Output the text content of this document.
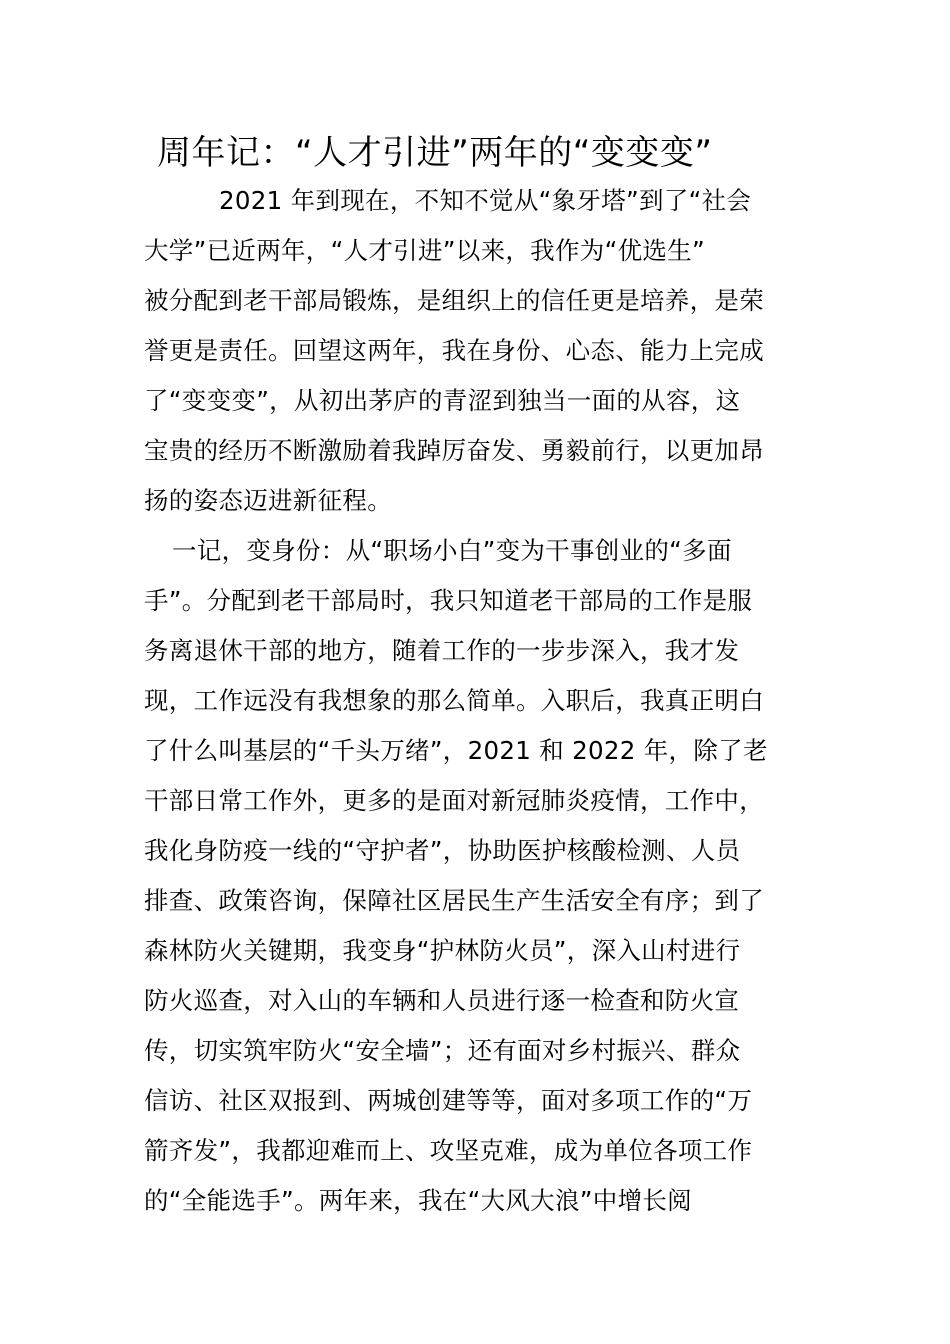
周年记：“人才引进”两年的“变变变”
2021 年到现在，不知不觉从“象牙塔”到了“社会
大学”已近两年，“人才引进”以来，我作为“优选生”
被分配到老干部局锻炼，是组织上的信任更是培养，是荣
誉更是责任。回望这两年，我在身份、心态、能力上完成
了“变变变”，从初出茅庐的青涩到独当一面的从容，这
宝贵的经历不断激励着我踔厉奋发、勇毅前行，以更加昂
扬的姿态迈进新征程。
一记，变身份：从“职场小白”变为干事创业的“多面
手”。分配到老干部局时，我只知道老干部局的工作是服
务离退休干部的地方，随着工作的一步步深入，我才发
现，工作远没有我想象的那么简单。入职后，我真正明白
了什么叫基层的“千头万绪”，2021 和 2022 年，除了老
干部日常工作外，更多的是面对新冠肺炎疫情，工作中，
我化身防疫一线的“守护者”，协助医护核酸检测、人员
排查、政策咨询，保障社区居民生产生活安全有序；到了
森林防火关键期，我变身“护林防火员”，深入山村进行
防火巡查，对入山的车辆和人员进行逐一检查和防火宣
传，切实筑牢防火“安全墙”；还有面对乡村振兴、群众
信访、社区双报到、两城创建等等，面对多项工作的“万
箭齐发”，我都迎难而上、攻坚克难，成为单位各项工作
的“全能选手”。两年来，我在“大风大浪”中增长阅
